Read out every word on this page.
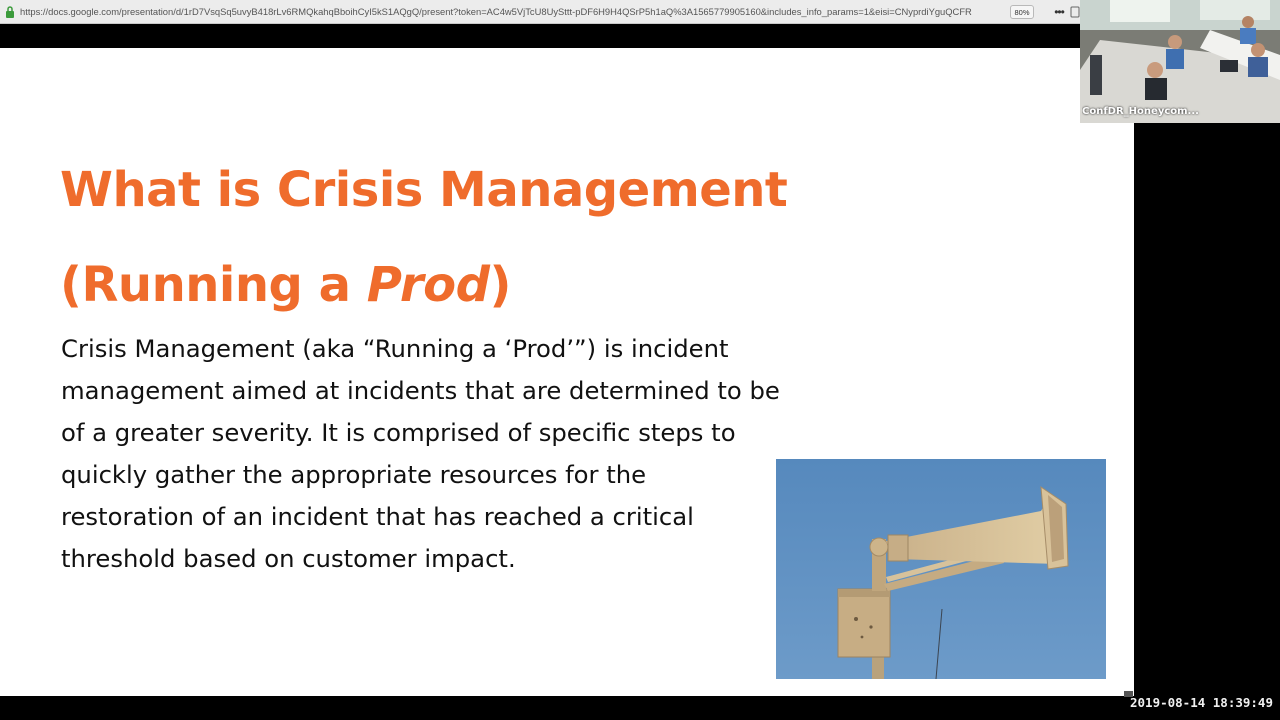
https://docs.google.com/presentation/d/1rD7VsqSq5uvyB418rLv6RMQkahqBboihCyI5kS1AQgQ/present?token=AC4w5VjTcU8UySttt-pDF6H9H4QSrP5h1aQ%3A1565779905160&includes_info_params=1&eisi=CNyprdiYguQCFR	80%	•••
What is Crisis Management
(Running a Prod)

Crisis Management (aka “Running a ‘Prod’”) is incident
management aimed at incidents that are determined to be
of a greater severity. It is comprised of specific steps to
quickly gather the appropriate resources for the
restoration of an incident that has reached a critical
threshold based on customer impact.

ConfDR_Honeycom...
2019-08-14 18:39:49
